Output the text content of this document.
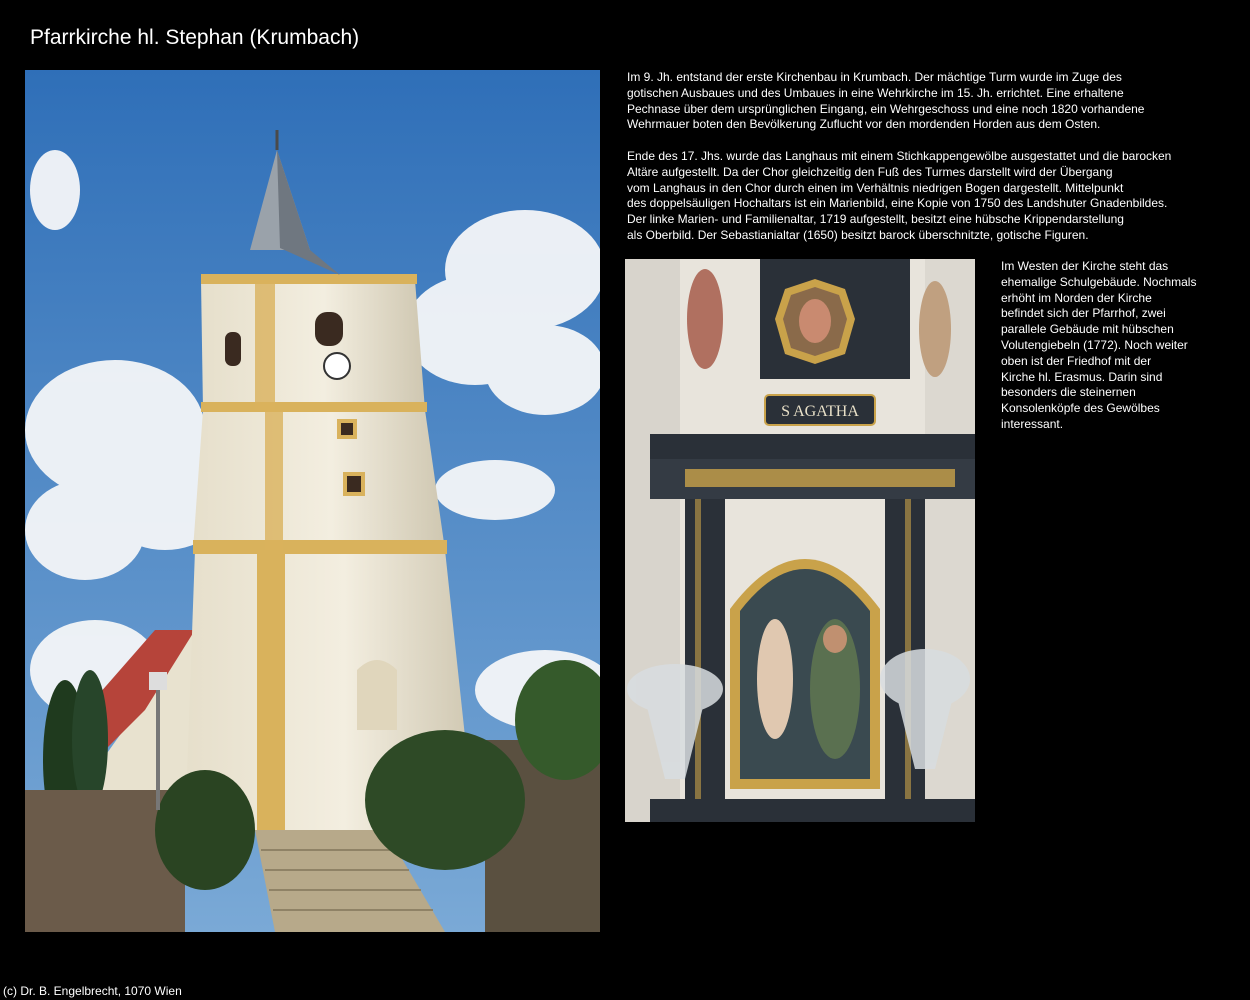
Pfarrkirche hl. Stephan (Krumbach)
S AGATHA
Im 9. Jh. entstand der erste Kirchenbau in Krumbach. Der mächtige Turm wurde im Zuge des
gotischen Ausbaues und des Umbaues in eine Wehrkirche im 15. Jh. errichtet. Eine erhaltene
Pechnase über dem ursprünglichen Eingang, ein Wehrgeschoss und eine noch 1820 vorhandene
Wehrmauer boten den Bevölkerung Zuflucht vor den mordenden Horden aus dem Osten.
Ende des 17. Jhs. wurde das Langhaus mit einem Stichkappengewölbe ausgestattet und die barocken
Altäre aufgestellt. Da der Chor gleichzeitig den Fuß des Turmes darstellt wird der Übergang
vom Langhaus in den Chor durch einen im Verhältnis niedrigen Bogen dargestellt. Mittelpunkt
des doppelsäuligen Hochaltars ist ein Marienbild, eine Kopie von 1750 des Landshuter Gnadenbildes.
Der linke Marien- und Familienaltar, 1719 aufgestellt, besitzt eine hübsche Krippendarstellung
als Oberbild. Der Sebastianialtar (1650) besitzt barock überschnitzte, gotische Figuren.
Im Westen der Kirche steht das
ehemalige Schulgebäude. Nochmals
erhöht im Norden der Kirche
befindet sich der Pfarrhof, zwei
parallele Gebäude mit hübschen
Volutengiebeln (1772). Noch weiter
oben ist der Friedhof mit der
Kirche hl. Erasmus. Darin sind
besonders die steinernen
Konsolenköpfe des Gewölbes
interessant.
(c) Dr. B. Engelbrecht, 1070 Wien
